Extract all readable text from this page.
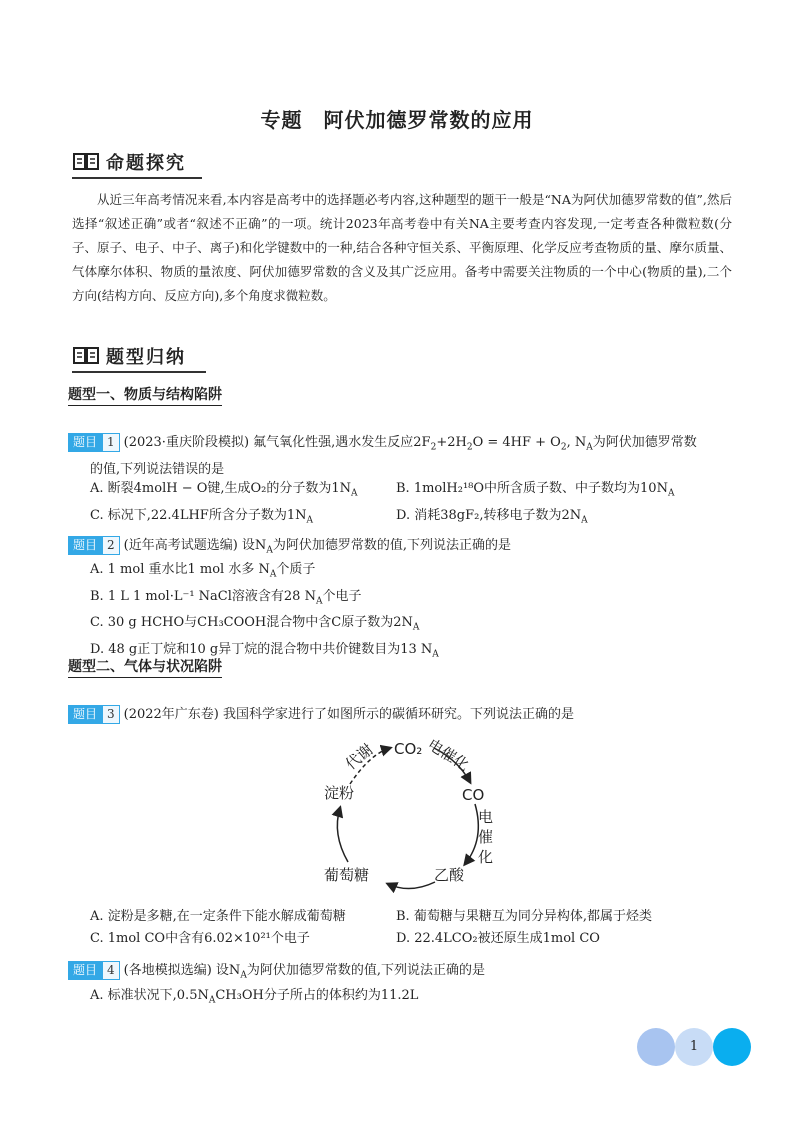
专题　阿伏加德罗常数的应用
命题探究
从近三年高考情况来看,本内容是高考中的选择题必考内容,这种题型的题干一般是“NA为阿伏加德罗常数的值”,然后选择“叙述正确”或者“叙述不正确”的一项。统计2023年高考卷中有关NA主要考查内容发现,一定考查各种微粒数(分子、原子、电子、中子、离子)和化学键数中的一种,结合各种守恒关系、平衡原理、化学反应考查物质的量、摩尔质量、气体摩尔体积、物质的量浓度、阿伏加德罗常数的含义及其广泛应用。备考中需要关注物质的一个中心(物质的量),二个方向(结构方向、反应方向),多个角度求微粒数。
题型归纳
题型一、物质与结构陷阱
题目 1 (2023·重庆阶段模拟) 氟气氧化性强,遇水发生反应$2F_2+2H_2O = 4HF + O_2$, $N_A$为阿伏加德罗常数
的值,下列说法错误的是
A. 断裂4molH − O键,生成O₂的分子数为$1N_A$	B. 1molH₂¹⁸O中所含质子数、中子数均为$10N_A$
C. 标况下,22.4LHF所含分子数为$1N_A$	D. 消耗38gF₂,转移电子数为$2N_A$
题目 2 (近年高考试题选编) 设$N_A$为阿伏加德罗常数的值,下列说法正确的是
A. 1 mol 重水比1 mol 水多 $N_A$个质子
B. 1 L 1 mol·L⁻¹ NaCl溶液含有28 $N_A$个电子
C. 30 g HCHO与CH₃COOH混合物中含C原子数为$2N_A$
D. 48 g正丁烷和10 g异丁烷的混合物中共价键数目为13 $N_A$
题型二、气体与状况陷阱
题目 3 (2022年广东卷) 我国科学家进行了如图所示的碳循环研究。下列说法正确的是
CO₂
CO
乙酸
葡萄糖
淀粉
代谢	电催化
电
催
化
A. 淀粉是多糖,在一定条件下能水解成葡萄糖	B. 葡萄糖与果糖互为同分异构体,都属于烃类
C. 1mol CO中含有6.02×10²¹个电子	D. 22.4LCO₂被还原生成1mol CO
题目 4 (各地模拟选编) 设$N_A$为阿伏加德罗常数的值,下列说法正确的是
A. 标准状况下$,0.5N_ACH_3OH$分子所占的体积约为11.2L
1
